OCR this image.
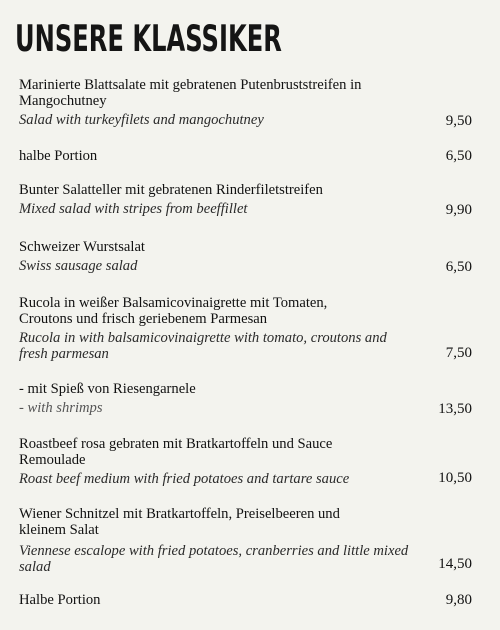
UNSERE KLASSIKER
Marinierte Blattsalate mit gebratenen Putenbruststreifen in Mangochutney
Salad with turkeyfilets and mangochutney	9,50
halbe Portion	6,50
Bunter Salatteller mit gebratenen Rinderfiletstreifen
Mixed salad with stripes from beeffillet	9,90
Schweizer Wurstsalat
Swiss sausage salad	6,50
Rucola in weißer Balsamicovinaigrette mit Tomaten, Croutons und frisch geriebenem Parmesan
Rucola in with balsamicovinaigrette with tomato, croutons and fresh parmesan	7,50
- mit Spieß von Riesengarnele
- with shrimps	13,50
Roastbeef rosa gebraten mit Bratkartoffeln und Sauce Remoulade
Roast beef medium with fried potatoes and tartare sauce	10,50
Wiener Schnitzel mit Bratkartoffeln, Preiselbeeren und kleinem Salat
Viennese escalope with fried potatoes, cranberries and little mixed salad	14,50
Halbe Portion	9,80
